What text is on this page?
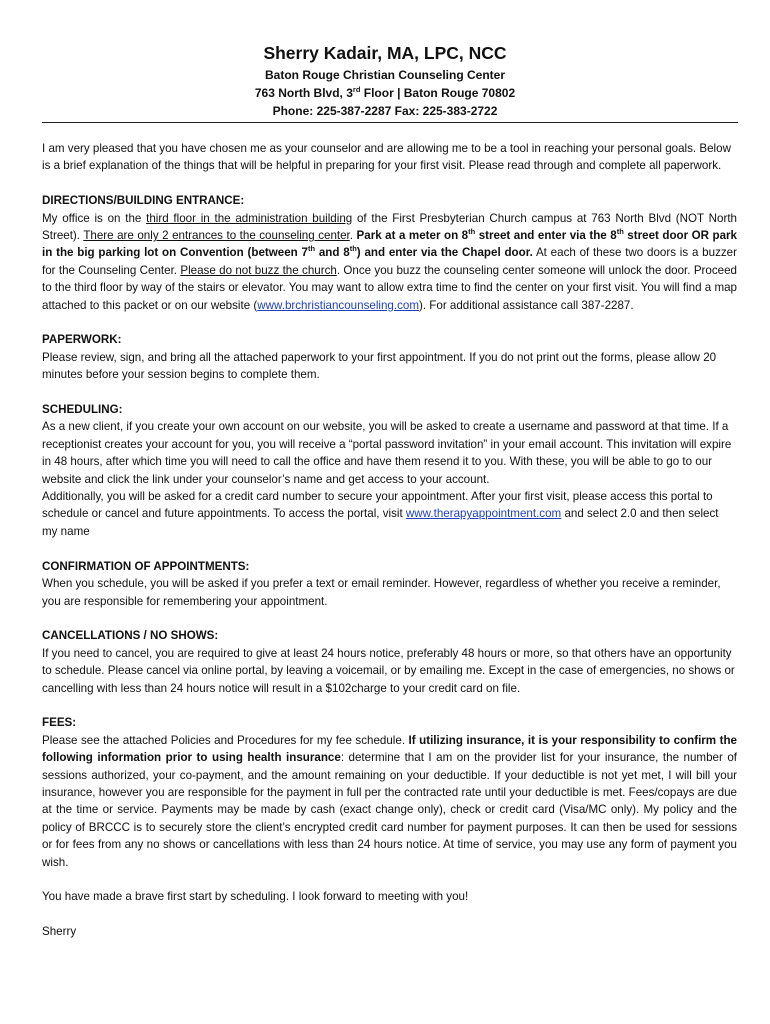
Sherry Kadair, MA, LPC, NCC
Baton Rouge Christian Counseling Center
763 North Blvd, 3rd Floor | Baton Rouge 70802
Phone: 225-387-2287 Fax: 225-383-2722

I am very pleased that you have chosen me as your counselor and are allowing me to be a tool in reaching your personal goals. Below is a brief explanation of the things that will be helpful in preparing for your first visit. Please read through and complete all paperwork.

DIRECTIONS/BUILDING ENTRANCE:
My office is on the third floor in the administration building of the First Presbyterian Church campus at 763 North Blvd (NOT North Street). There are only 2 entrances to the counseling center. Park at a meter on 8th street and enter via the 8th street door OR park in the big parking lot on Convention (between 7th and 8th) and enter via the Chapel door. At each of these two doors is a buzzer for the Counseling Center. Please do not buzz the church. Once you buzz the counseling center someone will unlock the door. Proceed to the third floor by way of the stairs or elevator. You may want to allow extra time to find the center on your first visit. You will find a map attached to this packet or on our website (www.brchristiancounseling.com). For additional assistance call 387-2287.

PAPERWORK:
Please review, sign, and bring all the attached paperwork to your first appointment. If you do not print out the forms, please allow 20 minutes before your session begins to complete them.

SCHEDULING:

As a new client, if you create your own account on our website, you will be asked to create a username and password at that time. If a receptionist creates your account for you, you will receive a “portal password invitation” in your email account. This invitation will expire in 48 hours, after which time you will need to call the office and have them resend it to you. With these, you will be able to go to our website and click the link under your counselor’s name and get access to your account.

Additionally, you will be asked for a credit card number to secure your appointment. After your first visit, please access this portal to schedule or cancel and future appointments. To access the portal, visit www.therapyappointment.com and select 2.0 and then select my name

CONFIRMATION OF APPOINTMENTS:
When you schedule, you will be asked if you prefer a text or email reminder. However, regardless of whether you receive a reminder, you are responsible for remembering your appointment.

CANCELLATIONS / NO SHOWS:
If you need to cancel, you are required to give at least 24 hours notice, preferably 48 hours or more, so that others have an opportunity to schedule. Please cancel via online portal, by leaving a voicemail, or by emailing me. Except in the case of emergencies, no shows or cancelling with less than 24 hours notice will result in a $102charge to your credit card on file.

FEES:
Please see the attached Policies and Procedures for my fee schedule. If utilizing insurance, it is your responsibility to confirm the following information prior to using health insurance: determine that I am on the provider list for your insurance, the number of sessions authorized, your co-payment, and the amount remaining on your deductible. If your deductible is not yet met, I will bill your insurance, however you are responsible for the payment in full per the contracted rate until your deductible is met. Fees/copays are due at the time or service. Payments may be made by cash (exact change only), check or credit card (Visa/MC only). My policy and the policy of BRCCC is to securely store the client’s encrypted credit card number for payment purposes. It can then be used for sessions or for fees from any no shows or cancellations with less than 24 hours notice. At time of service, you may use any form of payment you wish.

You have made a brave first start by scheduling. I look forward to meeting with you!

Sherry
